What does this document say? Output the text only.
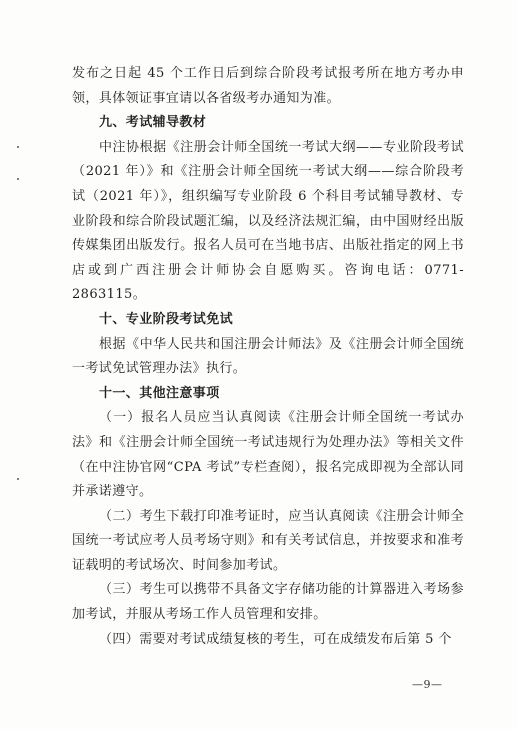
发布之日起 45 个工作日后到综合阶段考试报考所在地方考办申领，具体领证事宜请以各省级考办通知为准。

九、考试辅导教材

中注协根据《注册会计师全国统一考试大纲——专业阶段考试（2021 年）》和《注册会计师全国统一考试大纲——综合阶段考试（2021 年）》，组织编写专业阶段 6 个科目考试辅导教材、专业阶段和综合阶段试题汇编，以及经济法规汇编，由中国财经出版传媒集团出版发行。报名人员可在当地书店、出版社指定的网上书店或到广西注册会计师协会自愿购买。咨询电话：0771-2863115。

十、专业阶段考试免试

根据《中华人民共和国注册会计师法》及《注册会计师全国统一考试免试管理办法》执行。

十一、其他注意事项

（一）报名人员应当认真阅读《注册会计师全国统一考试办法》和《注册会计师全国统一考试违规行为处理办法》等相关文件（在中注协官网“CPA 考试”专栏查阅），报名完成即视为全部认同并承诺遵守。

（二）考生下载打印准考证时，应当认真阅读《注册会计师全国统一考试应考人员考场守则》和有关考试信息，并按要求和准考证载明的考试场次、时间参加考试。

（三）考生可以携带不具备文字存储功能的计算器进入考场参加考试，并服从考场工作人员管理和安排。

（四）需要对考试成绩复核的考生，可在成绩发布后第 5 个

—9—
